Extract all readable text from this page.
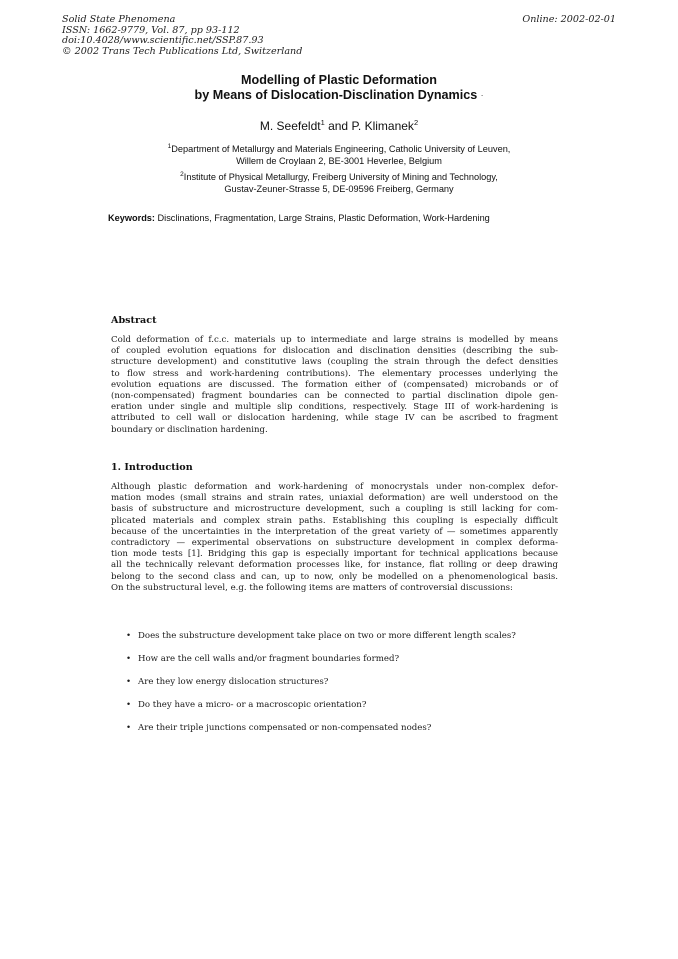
Solid State Phenomena
ISSN: 1662-9779, Vol. 87, pp 93-112
doi:10.4028/www.scientific.net/SSP.87.93
© 2002 Trans Tech Publications Ltd, Switzerland
Online: 2002-02-01
Modelling of Plastic Deformation
by Means of Dislocation-Disclination Dynamics ·
M. Seefeldt$^1$ and P. Klimanek$^2$
$^1$Department of Metallurgy and Materials Engineering, Catholic University of Leuven,
Willem de Croylaan 2, BE-3001 Heverlee, Belgium
$^2$Institute of Physical Metallurgy, Freiberg University of Mining and Technology,
Gustav-Zeuner-Strasse 5, DE-09596 Freiberg, Germany
Keywords: Disclinations, Fragmentation, Large Strains, Plastic Deformation, Work-Hardening
Abstract
Cold deformation of f.c.c. materials up to intermediate and large strains is modelled by means
of coupled evolution equations for dislocation and disclination densities (describing the sub-
structure development) and constitutive laws (coupling the strain through the defect densities
to flow stress and work-hardening contributions). The elementary processes underlying the
evolution equations are discussed. The formation either of (compensated) microbands or of
(non-compensated) fragment boundaries can be connected to partial disclination dipole gen-
eration under single and multiple slip conditions, respectively. Stage III of work-hardening is
attributed to cell wall or dislocation hardening, while stage IV can be ascribed to fragment
boundary or disclination hardening.
1. Introduction
Although plastic deformation and work-hardening of monocrystals under non-complex defor-
mation modes (small strains and strain rates, uniaxial deformation) are well understood on the
basis of substructure and microstructure development, such a coupling is still lacking for com-
plicated materials and complex strain paths. Establishing this coupling is especially difficult
because of the uncertainties in the interpretation of the great variety of — sometimes apparently
contradictory — experimental observations on substructure development in complex deforma-
tion mode tests [1]. Bridging this gap is especially important for technical applications because
all the technically relevant deformation processes like, for instance, flat rolling or deep drawing
belong to the second class and can, up to now, only be modelled on a phenomenological basis.
On the substructural level, e.g. the following items are matters of controversial discussions:
• Does the substructure development take place on two or more different length scales?
• How are the cell walls and/or fragment boundaries formed?
• Are they low energy dislocation structures?
• Do they have a micro- or a macroscopic orientation?
• Are their triple junctions compensated or non-compensated nodes?
